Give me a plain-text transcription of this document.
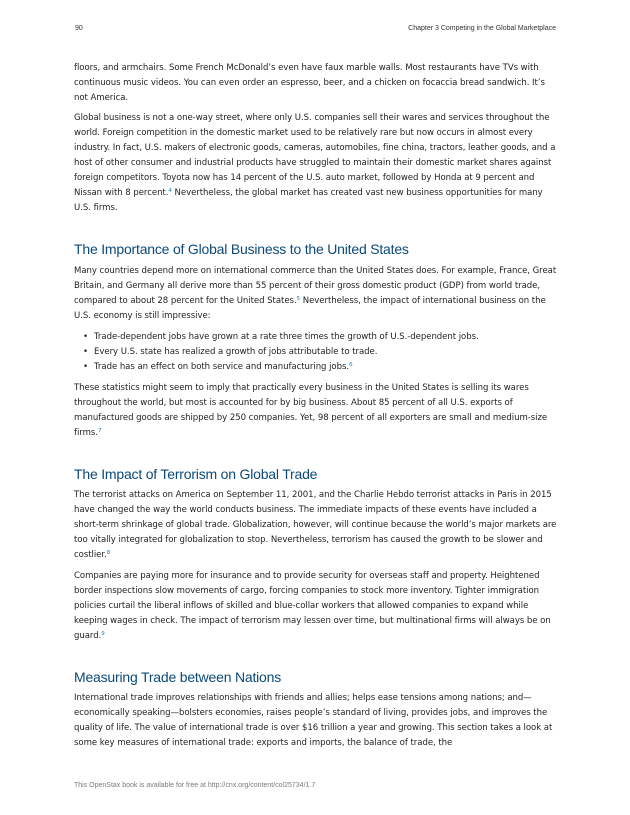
90	Chapter 3 Competing in the Global Marketplace

floors, and armchairs. Some French McDonald’s even have faux marble walls. Most restaurants have TVs with continuous music videos. You can even order an espresso, beer, and a chicken on focaccia bread sandwich. It’s not America.

Global business is not a one-way street, where only U.S. companies sell their wares and services throughout the world. Foreign competition in the domestic market used to be relatively rare but now occurs in almost every industry. In fact, U.S. makers of electronic goods, cameras, automobiles, fine china, tractors, leather goods, and a host of other consumer and industrial products have struggled to maintain their domestic market shares against foreign competitors. Toyota now has 14 percent of the U.S. auto market, followed by Honda at 9 percent and Nissan with 8 percent.$^4$ Nevertheless, the global market has created vast new business opportunities for many U.S. firms.

The Importance of Global Business to the United States

Many countries depend more on international commerce than the United States does. For example, France, Great Britain, and Germany all derive more than 55 percent of their gross domestic product (GDP) from world trade, compared to about 28 percent for the United States.$^5$ Nevertheless, the impact of international business on the U.S. economy is still impressive:

• Trade-dependent jobs have grown at a rate three times the growth of U.S.-dependent jobs.
• Every U.S. state has realized a growth of jobs attributable to trade.
• Trade has an effect on both service and manufacturing jobs.$^6$

These statistics might seem to imply that practically every business in the United States is selling its wares throughout the world, but most is accounted for by big business. About 85 percent of all U.S. exports of manufactured goods are shipped by 250 companies. Yet, 98 percent of all exporters are small and medium-size firms.$^7$

The Impact of Terrorism on Global Trade

The terrorist attacks on America on September 11, 2001, and the Charlie Hebdo terrorist attacks in Paris in 2015 have changed the way the world conducts business. The immediate impacts of these events have included a short-term shrinkage of global trade. Globalization, however, will continue because the world’s major markets are too vitally integrated for globalization to stop. Nevertheless, terrorism has caused the growth to be slower and costlier.$^8$

Companies are paying more for insurance and to provide security for overseas staff and property. Heightened border inspections slow movements of cargo, forcing companies to stock more inventory. Tighter immigration policies curtail the liberal inflows of skilled and blue-collar workers that allowed companies to expand while keeping wages in check. The impact of terrorism may lessen over time, but multinational firms will always be on guard.$^9$

Measuring Trade between Nations

International trade improves relationships with friends and allies; helps ease tensions among nations; and—economically speaking—bolsters economies, raises people’s standard of living, provides jobs, and improves the quality of life. The value of international trade is over $16 trillion a year and growing. This section takes a look at some key measures of international trade: exports and imports, the balance of trade, the

This OpenStax book is available for free at http://cnx.org/content/col25734/1.7
